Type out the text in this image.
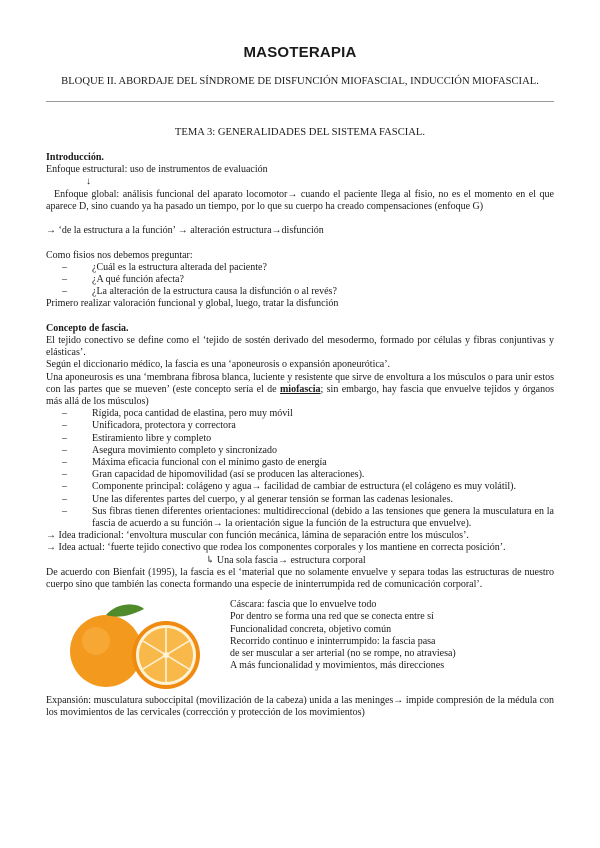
MASOTERAPIA
BLOQUE II. ABORDAJE DEL SÍNDROME DE DISFUNCIÓN MIOFASCIAL, INDUCCIÓN MIOFASCIAL.
TEMA 3: GENERALIDADES DEL SISTEMA FASCIAL.

Introducción.

Enfoque estructural: uso de instrumentos de evaluación

↓

Enfoque global: análisis funcional del aparato locomotor→ cuando el paciente llega al fisio, no es el momento en el que aparece D, sino cuando ya ha pasado un tiempo, por lo que su cuerpo ha creado compensaciones (enfoque G)

→ ‘de la estructura a la función’ → alteración estructura→disfunción

Como fisios nos debemos preguntar:

– ¿Cuál es la estructura alterada del paciente?
– ¿A qué función afecta?
– ¿La alteración de la estructura causa la disfunción o al revés?

Primero realizar valoración funcional y global, luego, tratar la disfunción

Concepto de fascia.

El tejido conectivo se define como el ‘tejido de sostén derivado del mesodermo, formado por células y fibras conjuntivas y elásticas’.

Según el diccionario médico, la fascia es una ‘aponeurosis o expansión aponeurótica’.

Una aponeurosis es una ‘membrana fibrosa blanca, luciente y resistente que sirve de envoltura a los músculos o para unir estos con las partes que se mueven’ (este concepto sería el de miofascia; sin embargo, hay fascia que envuelve tejidos y órganos más allá de los músculos)

– Rígida, poca cantidad de elastina, pero muy móvil
– Unificadora, protectora y correctora
– Estiramiento libre y completo
– Asegura movimiento completo y sincronizado
– Máxima eficacia funcional con el mínimo gasto de energía
– Gran capacidad de hipomovilidad (así se producen las alteraciones).
– Componente principal: colágeno y agua→ facilidad de cambiar de estructura (el colágeno es muy volátil).
– Une las diferentes partes del cuerpo, y al generar tensión se forman las cadenas lesionales.
– Sus fibras tienen diferentes orientaciones: multidireccional (debido a las tensiones que genera la musculatura en la fascia de acuerdo a su función→ la orientación sigue la función de la estructura que envuelve).

→ Idea tradicional: ‘envoltura muscular con función mecánica, lámina de separación entre los músculos’.

→ Idea actual: ‘fuerte tejido conectivo que rodea los componentes corporales y los mantiene en correcta posición’.

↳ Una sola fascia→ estructura corporal

De acuerdo con Bienfait (1995), la fascia es el ‘material que no solamente envuelve y separa todas las estructuras de nuestro cuerpo sino que también las conecta formando una especie de ininterrumpida red de comunicación corporal’.

Cáscara: fascia que lo envuelve todo

Por dentro se forma una red que se conecta entre sí

Funcionalidad concreta, objetivo común

Recorrido continuo e ininterrumpido: la fascia pasa

de ser muscular a ser arterial (no se rompe, no atraviesa)

A más funcionalidad y movimientos, más direcciones

Expansión: musculatura suboccipital (movilización de la cabeza) unida a las meninges→ impide compresión de la médula con los movimientos de las cervicales (corrección y protección de los movimientos)
